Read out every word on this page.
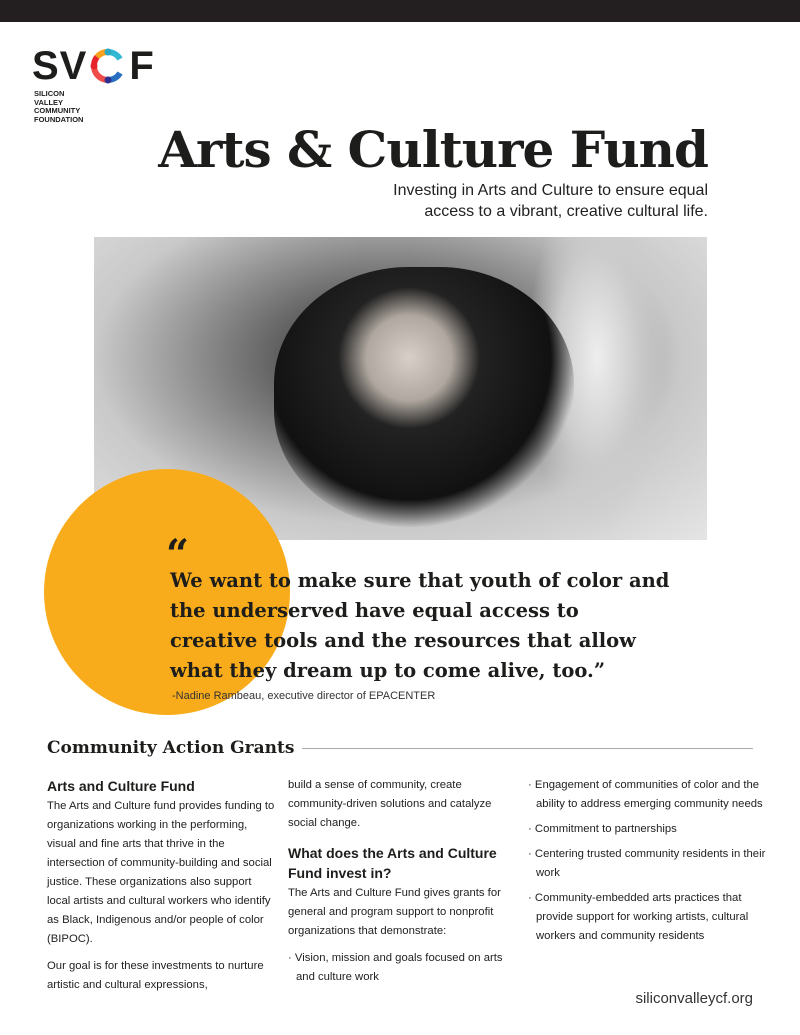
SV F
SILICON
VALLEY
COMMUNITY
FOUNDATION
Arts & Culture Fund
Investing in Arts and Culture to ensure equal
access to a vibrant, creative cultural life.
“
We want to make sure that youth of color and the underserved have equal access to creative tools and the resources that allow what they dream up to come alive, too.”
-Nadine Rambeau, executive director of EPACENTER
Community Action Grants
Arts and Culture Fund

The Arts and Culture fund provides funding to organizations working in the performing, visual and fine arts that thrive in the intersection of community-building and social justice. These organizations also support local artists and cultural workers who identify as Black, Indigenous and/or people of color (BIPOC).

Our goal is for these investments to nurture artistic and cultural expressions,

build a sense of community, create community-driven solutions and catalyze social change.

What does the Arts and Culture Fund invest in?

The Arts and Culture Fund gives grants for general and program support to nonprofit organizations that demonstrate:

· Vision, mission and goals focused on arts and culture work
· Engagement of communities of color and the ability to address emerging community needs
· Commitment to partnerships
· Centering trusted community residents in their work
· Community-embedded arts practices that provide support for working artists, cultural workers and community residents
siliconvalleycf.org
